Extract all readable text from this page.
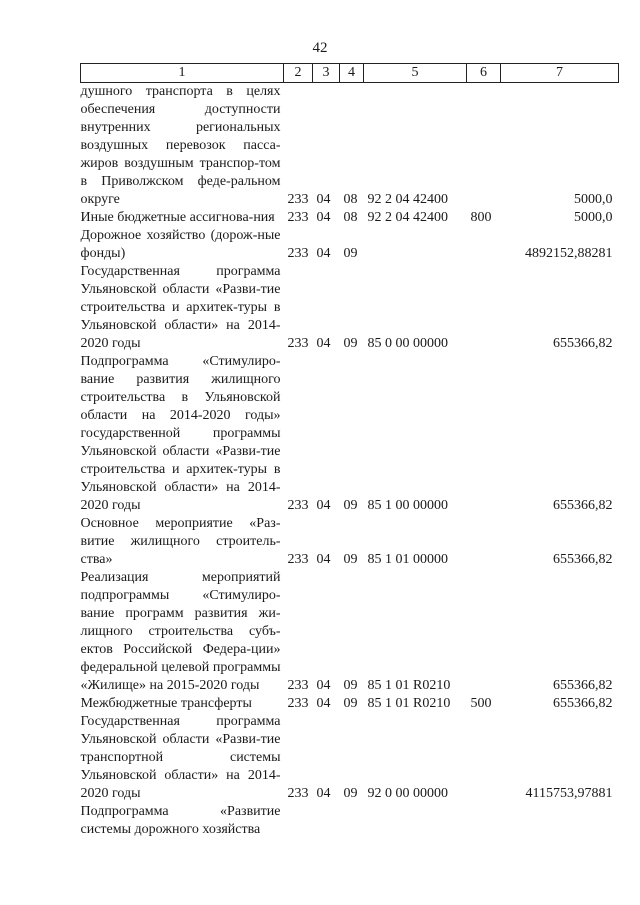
42
1	2	3	4	5	6	7
душного транспорта в целях обеспечения доступности внутренних региональных воздушных перевозок пасса-жиров воздушным транспор-том в Приволжском феде-ральном округе	233	04	08	92 2 04 42400		5000,0
Иные бюджетные ассигнова-ния	233	04	08	92 2 04 42400	800	5000,0
Дорожное хозяйство (дорож-ные фонды)	233	04	09			4892152,88281
Государственная программа Ульяновской области «Разви-тие строительства и архитек-туры в Ульяновской области» на 2014-2020 годы	233	04	09	85 0 00 00000		655366,82
Подпрограмма «Стимулиро-вание развития жилищного строительства в Ульяновской области на 2014-2020 годы» государственной программы Ульяновской области «Разви-тие строительства и архитек-туры в Ульяновской области» на 2014-2020 годы	233	04	09	85 1 00 00000		655366,82
Основное мероприятие «Раз-витие жилищного строитель-ства»	233	04	09	85 1 01 00000		655366,82
Реализация мероприятий подпрограммы «Стимулиро-вание программ развития жи-лищного строительства субъ-ектов Российской Федера-ции» федеральной целевой программы «Жилище» на 2015-2020 годы	233	04	09	85 1 01 R0210		655366,82
Межбюджетные трансферты	233	04	09	85 1 01 R0210	500	655366,82
Государственная программа Ульяновской области «Разви-тие транспортной системы Ульяновской области» на 2014-2020 годы	233	04	09	92 0 00 00000		4115753,97881
Подпрограмма «Развитие системы дорожного хозяйства						
